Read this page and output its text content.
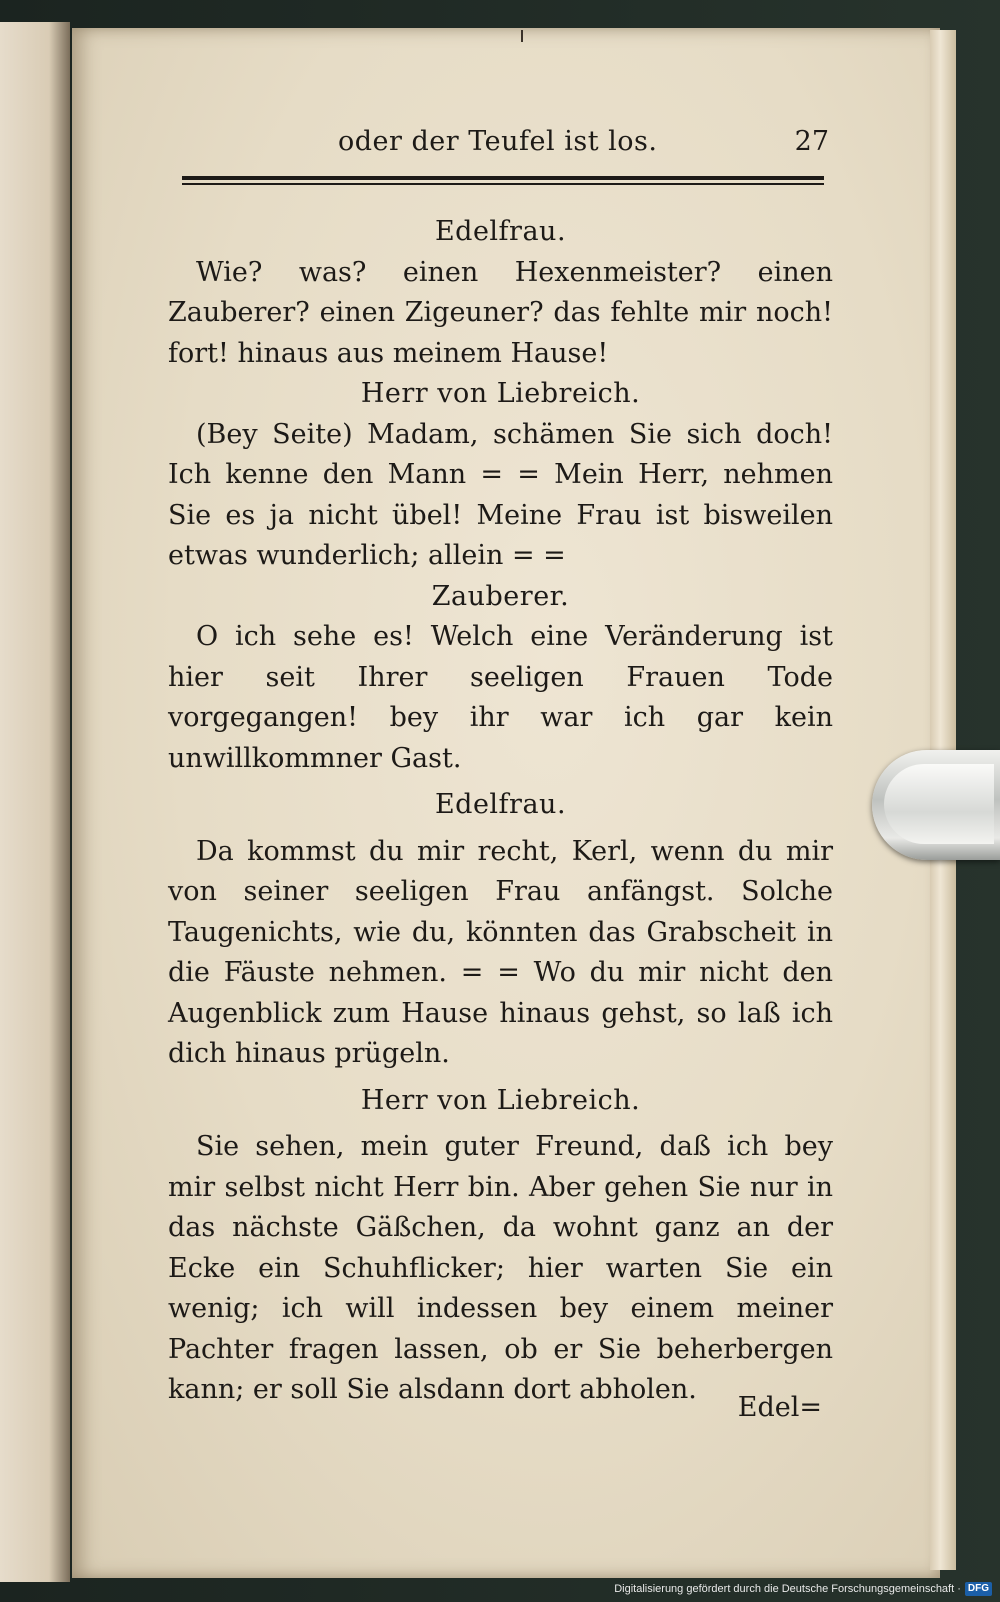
oder der Teufel ist los.	27
Edelfrau.
Wie? was? einen Hexenmeister? einen Zauberer? einen Zigeuner? das fehlte mir noch! fort! hinaus aus meinem Hause!
Herr von Liebreich.
(Bey Seite) Madam, schämen Sie sich doch! Ich kenne den Mann = = Mein Herr, nehmen Sie es ja nicht übel! Meine Frau ist bisweilen etwas wunderlich; allein = =
Zauberer.
O ich sehe es! Welch eine Veränderung ist hier seit Ihrer seeligen Frauen Tode vorgegangen! bey ihr war ich gar kein unwillkommner Gast.
Edelfrau.
Da kommst du mir recht, Kerl, wenn du mir von seiner seeligen Frau anfängst. Solche Taugenichts, wie du, könnten das Grabscheit in die Fäuste nehmen. = = Wo du mir nicht den Augenblick zum Hause hinaus gehst, so laß ich dich hinaus prügeln.
Herr von Liebreich.
Sie sehen, mein guter Freund, daß ich bey mir selbst nicht Herr bin. Aber gehen Sie nur in das nächste Gäßchen, da wohnt ganz an der Ecke ein Schuhflicker; hier warten Sie ein wenig; ich will indessen bey einem meiner Pachter fragen lassen, ob er Sie beherbergen kann; er soll Sie alsdann dort abholen.
Edel=
Digitalisierung gefördert durch die Deutsche Forschungsgemeinschaft · DFG
